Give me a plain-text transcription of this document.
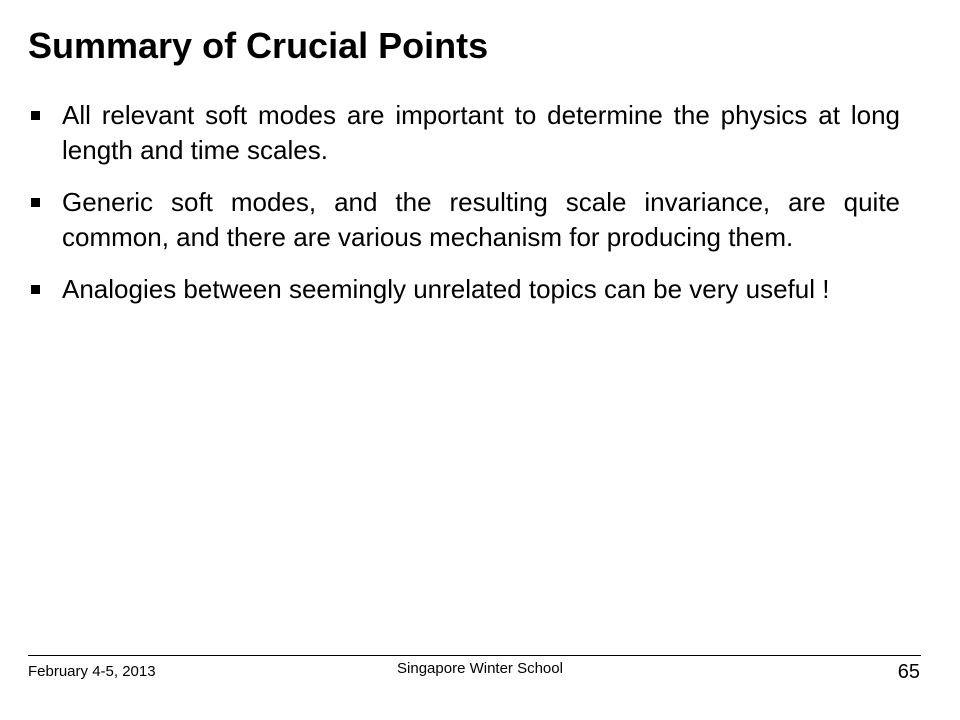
Summary of Crucial Points
All relevant soft modes are important to determine the physics at long length and time scales.
Generic soft modes, and the resulting scale invariance, are quite common, and there are various mechanism for producing them.
Analogies between seemingly unrelated topics can be very useful !
February 4-5, 2013	Singapore Winter School	65
